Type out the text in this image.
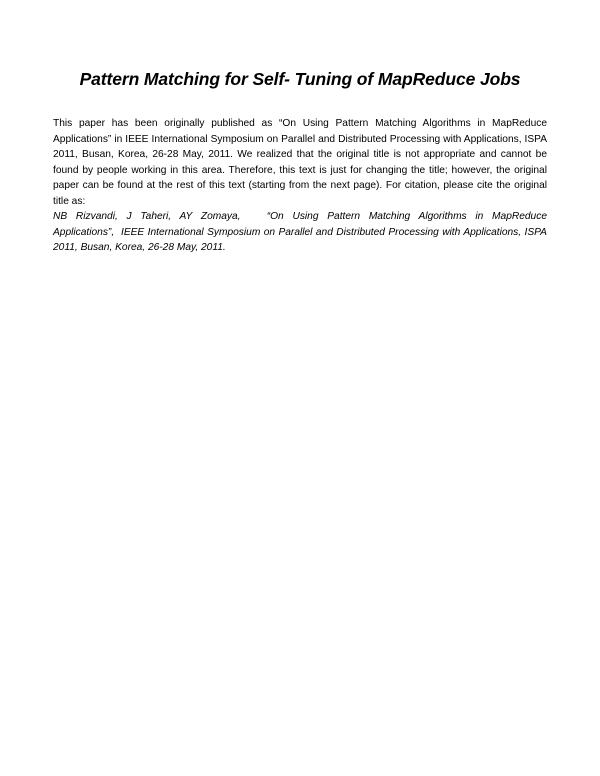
Pattern Matching for Self- Tuning of MapReduce Jobs

This paper has been originally published as “On Using Pattern Matching Algorithms in MapReduce Applications” in IEEE International Symposium on Parallel and Distributed Processing with Applications, ISPA 2011, Busan, Korea, 26-28 May, 2011. We realized that the original title is not appropriate and cannot be found by people working in this area. Therefore, this text is just for changing the title; however, the original paper can be found at the rest of this text (starting from the next page). For citation, please cite the original title as:

NB Rizvandi, J Taheri, AY Zomaya,	“On Using Pattern Matching Algorithms in MapReduce Applications”, IEEE International Symposium on Parallel and Distributed Processing with Applications, ISPA 2011, Busan, Korea, 26-28 May, 2011.
